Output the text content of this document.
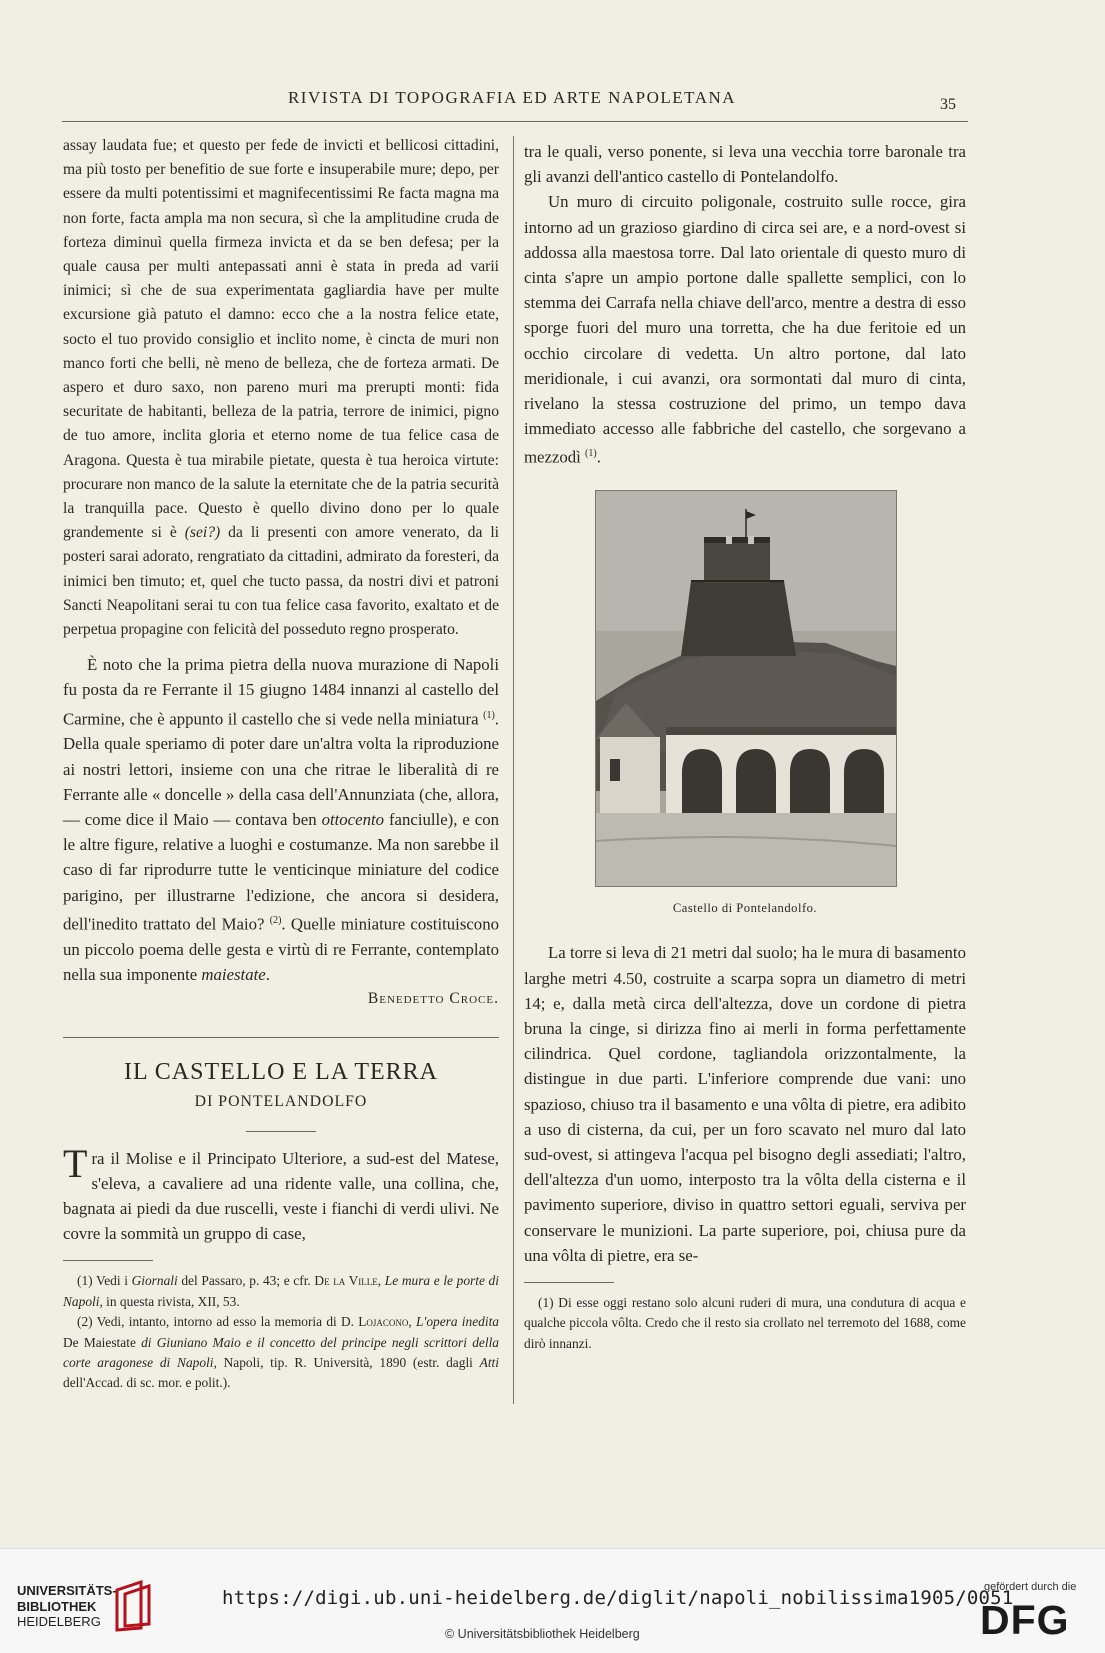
RIVISTA DI TOPOGRAFIA ED ARTE NAPOLETANA	35

assay laudata fue; et questo per fede de invicti et bellicosi cittadini, ma più tosto per benefitio de sue forte e insuperabile mure; depo, per essere da multi potentissimi et magnifecentissimi Re facta magna ma non forte, facta ampla ma non secura, sì che la amplitudine cruda de forteza diminuì quella firmeza invicta et da se ben defesa; per la quale causa per multi antepassati anni è stata in preda ad varii inimici; sì che de sua experimentata gagliardia have per multe excursione già patuto el damno: ecco che a la nostra felice etate, socto el tuo provido consiglio et inclito nome, è cincta de muri non manco forti che belli, nè meno de belleza, che de forteza armati. De aspero et duro saxo, non pareno muri ma prerupti monti: fida securitate de habitanti, belleza de la patria, terrore de inimici, pigno de tuo amore, inclita gloria et eterno nome de tua felice casa de Aragona. Questa è tua mirabile pietate, questa è tua heroica virtute: procurare non manco de la salute la eternitate che de la patria securità la tranquilla pace. Questo è quello divino dono per lo quale grandemente si è (sei?) da li presenti con amore venerato, da li posteri sarai adorato, rengratiato da cittadini, admirato da foresteri, da inimici ben timuto; et, quel che tucto passa, da nostri divi et patroni Sancti Neapolitani serai tu con tua felice casa favorito, exaltato et de perpetua propagine con felicità del posseduto regno prosperato.

È noto che la prima pietra della nuova murazione di Napoli fu posta da re Ferrante il 15 giugno 1484 innanzi al castello del Carmine, che è appunto il castello che si vede nella miniatura $^{(1)}$. Della quale speriamo di poter dare un'altra volta la riproduzione ai nostri lettori, insieme con una che ritrae le liberalità di re Ferrante alle « doncelle » della casa dell'Annunziata (che, allora, — come dice il Maio — contava ben ottocento fanciulle), e con le altre figure, relative a luoghi e costumanze. Ma non sarebbe il caso di far riprodurre tutte le venticinque miniature del codice parigino, per illustrarne l'edizione, che ancora si desidera, dell'inedito trattato del Maio? $^{(2)}$. Quelle miniature costituiscono un piccolo poema delle gesta e virtù di re Ferrante, contemplato nella sua imponente maiestate.

Benedetto Croce.

IL CASTELLO E LA TERRA
DI PONTELANDOLFO

Tra il Molise e il Principato Ulteriore, a sud-est del Matese, s'eleva, a cavaliere ad una ridente valle, una collina, che, bagnata ai piedi da due ruscelli, veste i fianchi di verdi ulivi. Ne covre la sommità un gruppo di case,

(1) Vedi i Giornali del Passaro, p. 43; e cfr. De la Ville, Le mura e le porte di Napoli, in questa rivista, XII, 53.

(2) Vedi, intanto, intorno ad esso la memoria di D. Lojacono, L'opera inedita De Maiestate di Giuniano Maio e il concetto del principe negli scrittori della corte aragonese di Napoli, Napoli, tip. R. Università, 1890 (estr. dagli Atti dell'Accad. di sc. mor. e polit.).

tra le quali, verso ponente, si leva una vecchia torre baronale tra gli avanzi dell'antico castello di Pontelandolfo.

Un muro di circuito poligonale, costruito sulle rocce, gira intorno ad un grazioso giardino di circa sei are, e a nord-ovest si addossa alla maestosa torre. Dal lato orientale di questo muro di cinta s'apre un ampio portone dalle spallette semplici, con lo stemma dei Carrafa nella chiave dell'arco, mentre a destra di esso sporge fuori del muro una torretta, che ha due feritoie ed un occhio circolare di vedetta. Un altro portone, dal lato meridionale, i cui avanzi, ora sormontati dal muro di cinta, rivelano la stessa costruzione del primo, un tempo dava immediato accesso alle fabbriche del castello, che sorgevano a mezzodì $^{(1)}$.

Castello di Pontelandolfo.

La torre si leva di 21 metri dal suolo; ha le mura di basamento larghe metri 4.50, costruite a scarpa sopra un diametro di metri 14; e, dalla metà circa dell'altezza, dove un cordone di pietra bruna la cinge, si dirizza fino ai merli in forma perfettamente cilindrica. Quel cordone, tagliandola orizzontalmente, la distingue in due parti. L'inferiore comprende due vani: uno spazioso, chiuso tra il basamento e una vôlta di pietre, era adibito a uso di cisterna, da cui, per un foro scavato nel muro dal lato sud-ovest, si attingeva l'acqua pel bisogno degli assediati; l'altro, dell'altezza d'un uomo, interposto tra la vôlta della cisterna e il pavimento superiore, diviso in quattro settori eguali, serviva per conservare le munizioni. La parte superiore, poi, chiusa pure da una vôlta di pietre, era se-

(1) Di esse oggi restano solo alcuni ruderi di mura, una condutura di acqua e qualche piccola vôlta. Credo che il resto sia crollato nel terremoto del 1688, come dirò innanzi.

UNIVERSITÄTS-
BIBLIOTHEK
HEIDELBERG
https://digi.ub.uni-heidelberg.de/diglit/napoli_nobilissima1905/0051
© Universitätsbibliothek Heidelberg
gefördert durch die
DFG
